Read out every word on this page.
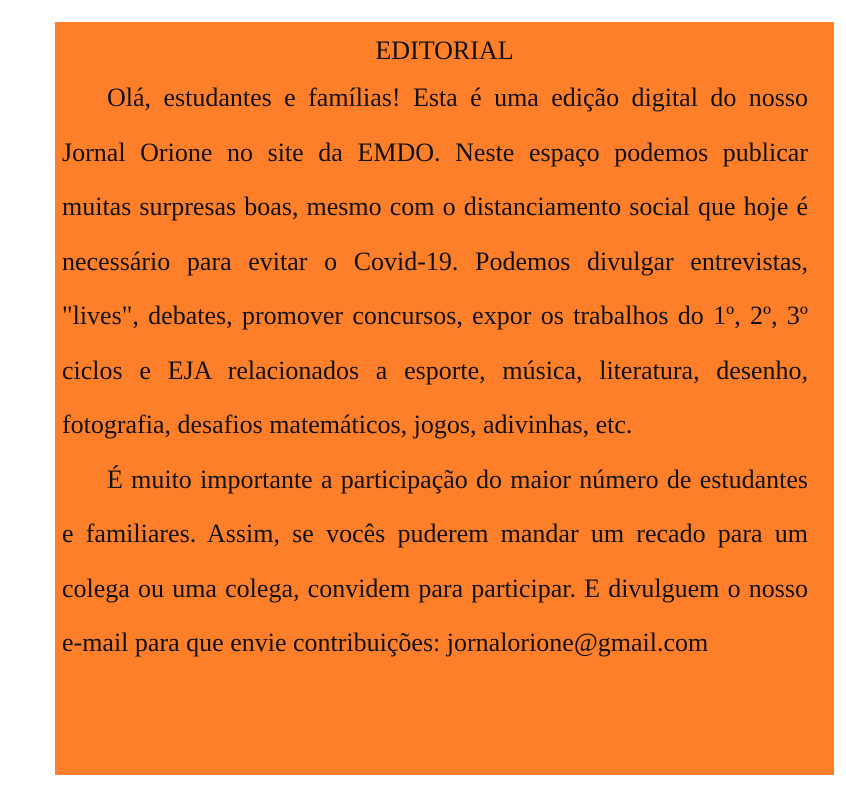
EDITORIAL

Olá, estudantes e famílias! Esta é uma edição digital do nosso Jornal Orione no site da EMDO. Neste espaço podemos publicar muitas surpresas boas, mesmo com o distanciamento social que hoje é necessário para evitar o Covid-19. Podemos divulgar entrevistas, "lives", debates, promover concursos, expor os trabalhos do 1º, 2º, 3º ciclos e EJA relacionados a esporte, música, literatura, desenho, fotografia, desafios matemáticos, jogos, adivinhas, etc.

É muito importante a participação do maior número de estudantes e familiares. Assim, se vocês puderem mandar um recado para um colega ou uma colega, convidem para participar. E divulguem o nosso e-mail para que envie contribuições: jornalorione@gmail.com
